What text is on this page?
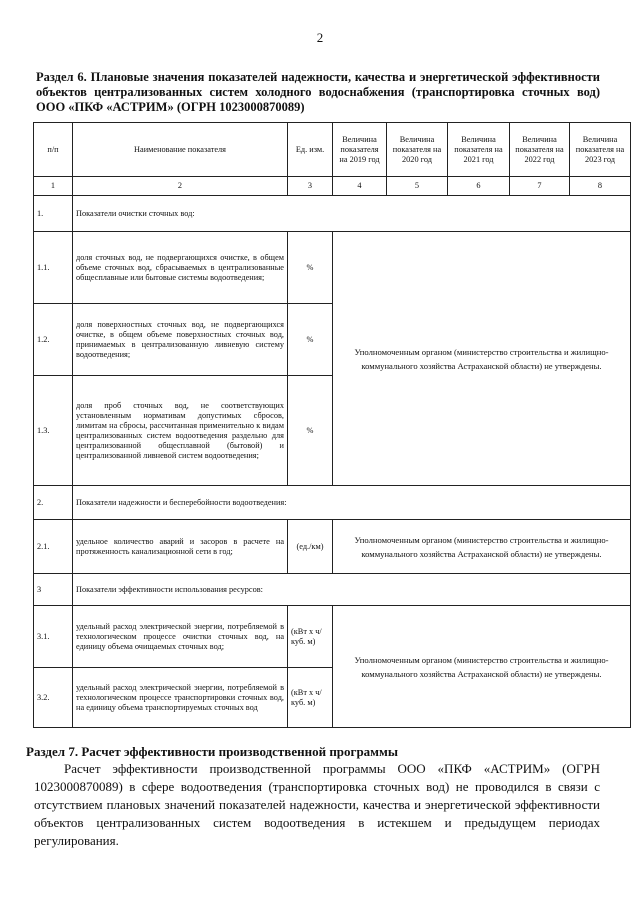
2
Раздел 6. Плановые значения показателей надежности, качества и энергетической эффективности объектов централизованных систем холодного водоснабжения (транспортировка сточных вод) ООО «ПКФ «АСТРИМ» (ОГРН 1023000870089)
п/п	Наименование показателя	Ед. изм.	Величина показателя на 2019 год	Величина показателя на 2020 год	Величина показателя на 2021 год	Величина показателя на 2022 год	Величина показателя на 2023 год
1	2	3	4	5	6	7	8
1.	Показатели очистки сточных вод:						
1.1.	доля сточных вод, не подвергающихся очистке, в общем объеме сточных вод, сбрасываемых в централизованные общесплавные или бытовые системы водоотведения;	%	Уполномоченным органом (министерство строительства и жилищно-коммунального хозяйства Астраханской области) не утверждены.				
1.2.	доля поверхностных сточных вод, не подвергающихся очистке, в общем объеме поверхностных сточных вод, принимаемых в централизованную ливневую систему водоотведения;	%					
1.3.	доля проб сточных вод, не соответствующих установленным нормативам допустимых сбросов, лимитам на сбросы, рассчитанная применительно к видам централизованных систем водоотведения раздельно для централизованной общесплавной (бытовой) и централизованной ливневой систем водоотведения;	%					
2.	Показатели надежности и бесперебойности водоотведения:						
2.1.	удельное количество аварий и засоров в расчете на протяженность канализационной сети в год;	(ед./км)	Уполномоченным органом (министерство строительства и жилищно-коммунального хозяйства Астраханской области) не утверждены.				
3	Показатели эффективности использования ресурсов:						
3.1.	удельный расход электрической энергии, потребляемой в технологическом процессе очистки сточных вод, на единицу объема очищаемых сточных вод;	(кВт х ч/куб. м)	Уполномоченным органом (министерство строительства и жилищно-коммунального хозяйства Астраханской области) не утверждены.				
3.2.	удельный расход электрической энергии, потребляемой в технологическом процессе транспортировки сточных вод, на единицу объема транспортируемых сточных вод	(кВт х ч/куб. м)					
Раздел 7. Расчет эффективности производственной программы
Расчет эффективности производственной программы ООО «ПКФ «АСТРИМ» (ОГРН 1023000870089) в сфере водоотведения (транспортировка сточных вод) не проводился в связи с отсутствием плановых значений показателей надежности, качества и энергетической эффективности объектов централизованных систем водоотведения в истекшем и предыдущем периодах регулирования.
